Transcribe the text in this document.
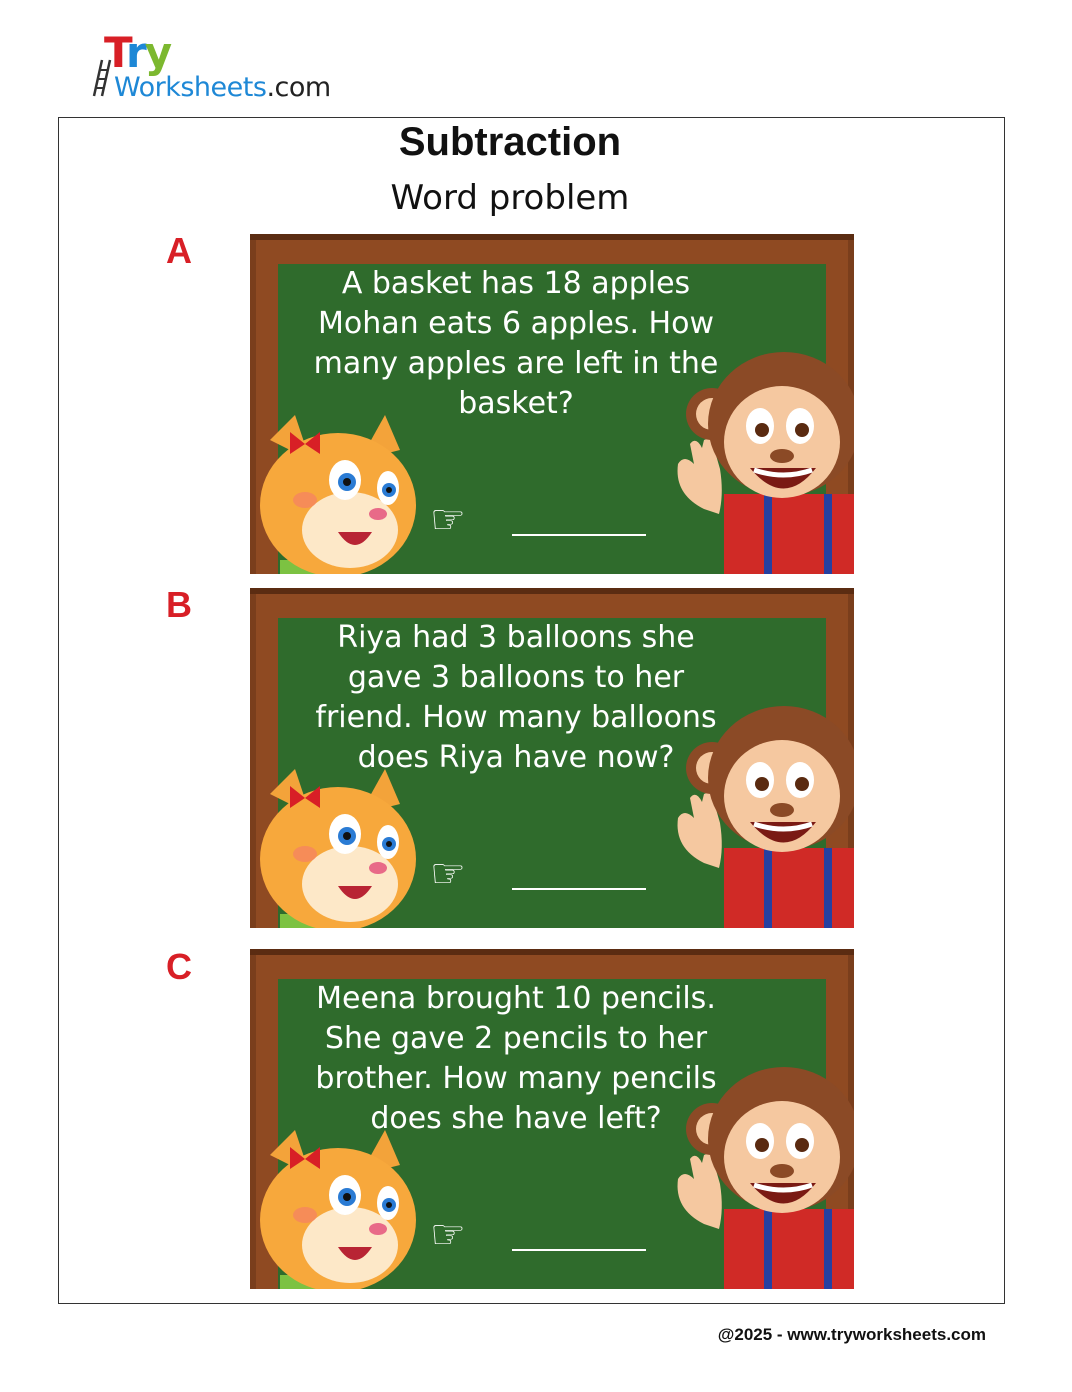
Try
Worksheets.com
Subtraction
Word problem
A
A basket has 18 apples Mohan eats 6 apples. How many apples are left in the basket?
☞
B
Riya had 3 balloons she gave 3 balloons to her friend. How many balloons does Riya have now?
☞
C
Meena brought 10 pencils. She gave 2 pencils to her brother. How many pencils does she have left?
☞
@2025 - www.tryworksheets.com
